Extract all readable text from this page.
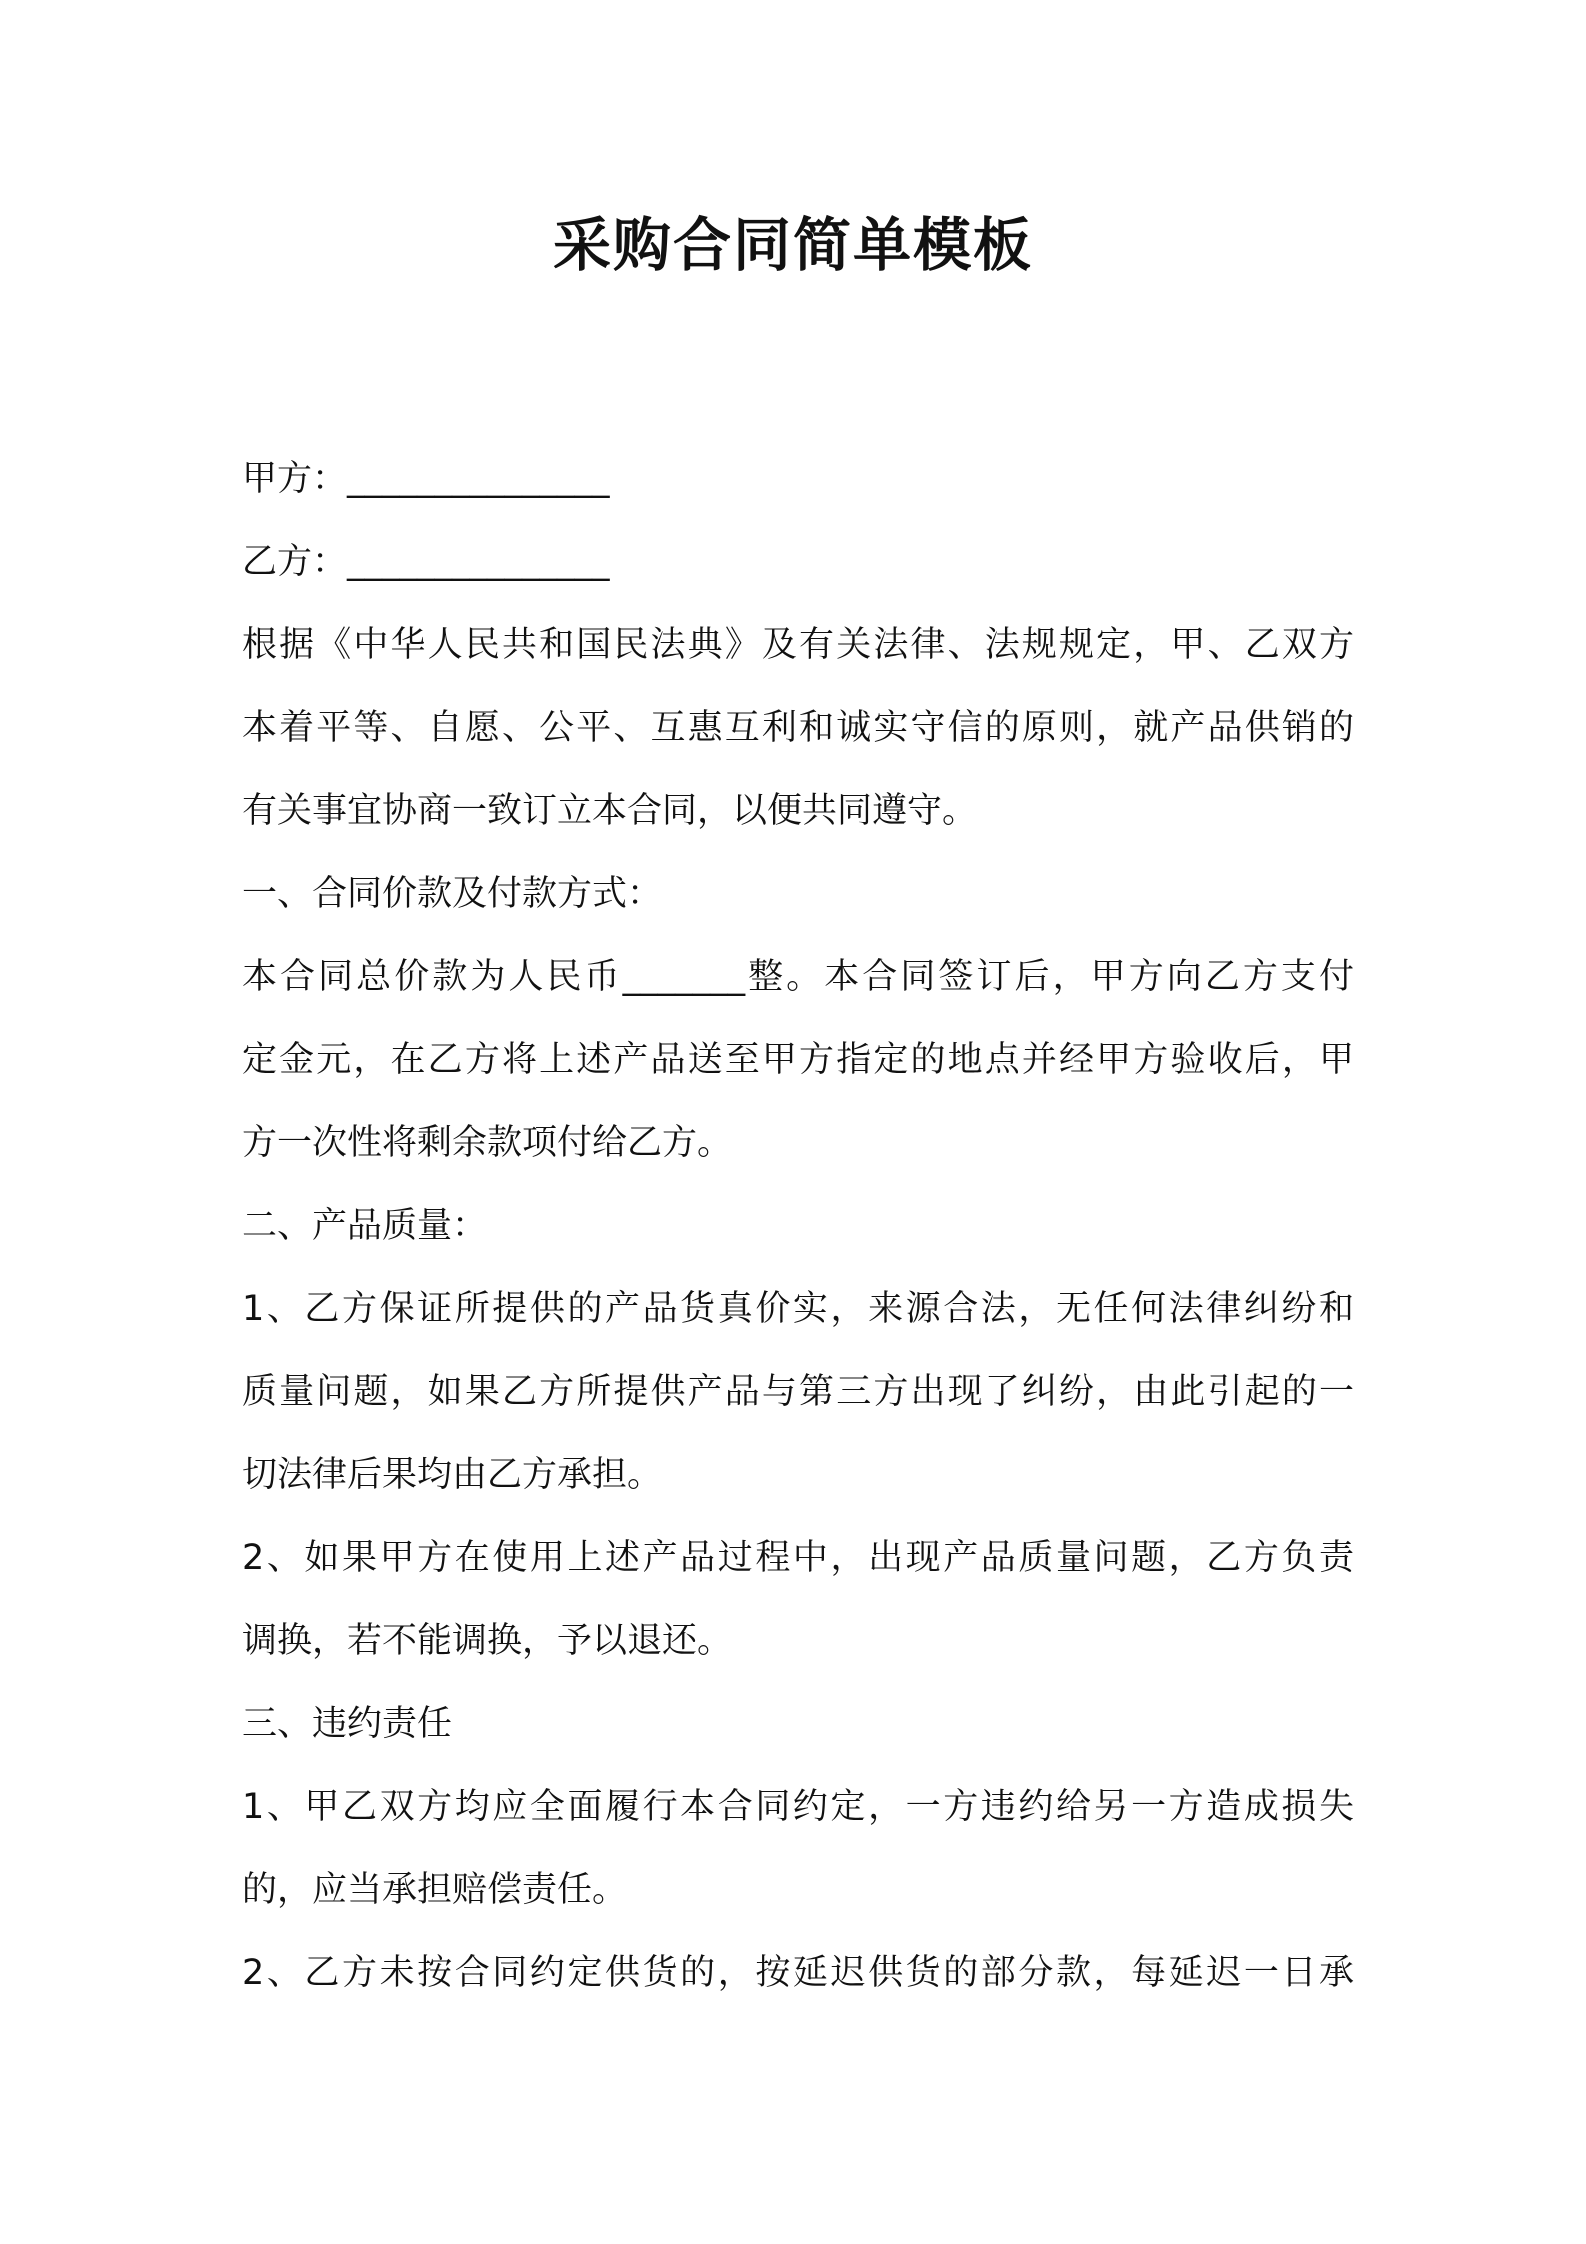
采购合同简单模板
甲方：_______________
乙方：_______________
根据《中华人民共和国民法典》及有关法律、法规规定，甲、乙双方
本着平等、自愿、公平、互惠互利和诚实守信的原则，就产品供销的
有关事宜协商一致订立本合同，以便共同遵守。
一、合同价款及付款方式：
本合同总价款为人民币_______整。本合同签订后，甲方向乙方支付
定金元，在乙方将上述产品送至甲方指定的地点并经甲方验收后，甲
方一次性将剩余款项付给乙方。
二、产品质量：
1、乙方保证所提供的产品货真价实，来源合法，无任何法律纠纷和
质量问题，如果乙方所提供产品与第三方出现了纠纷，由此引起的一
切法律后果均由乙方承担。
2、如果甲方在使用上述产品过程中，出现产品质量问题，乙方负责
调换，若不能调换，予以退还。
三、违约责任
1、甲乙双方均应全面履行本合同约定，一方违约给另一方造成损失
的，应当承担赔偿责任。
2、乙方未按合同约定供货的，按延迟供货的部分款，每延迟一日承
